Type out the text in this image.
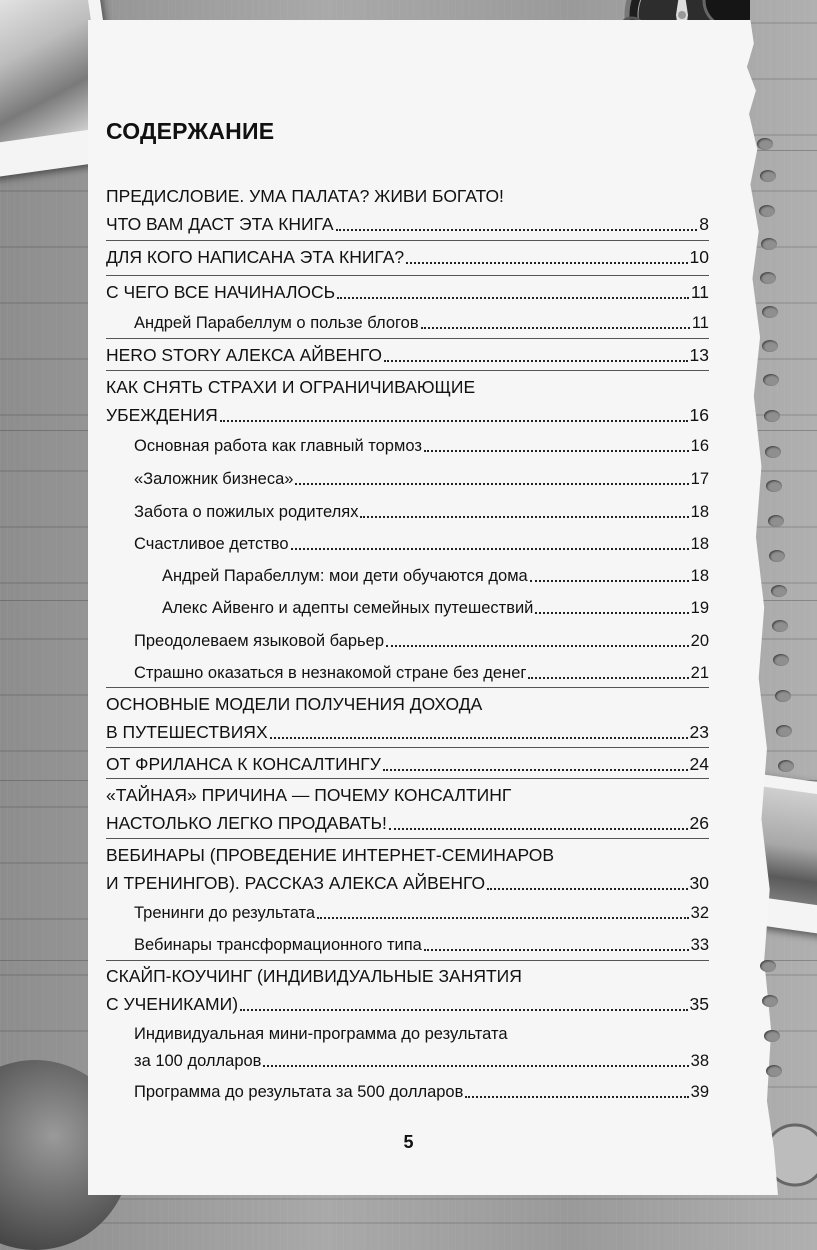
СОДЕРЖАНИЕ
ПРЕДИСЛОВИЕ. УМА ПАЛАТА? ЖИВИ БОГАТО!
ЧТО ВАМ ДАСТ ЭТА КНИГА	8
ДЛЯ КОГО НАПИСАНА ЭТА КНИГА?	10
С ЧЕГО ВСЕ НАЧИНАЛОСЬ	11
Андрей Парабеллум о пользе блогов	11
HERO STORY АЛЕКСА АЙВЕНГО	13
КАК СНЯТЬ СТРАХИ И ОГРАНИЧИВАЮЩИЕ
УБЕЖДЕНИЯ	16
Основная работа как главный тормоз	16
«Заложник бизнеса»	17
Забота о пожилых родителях	18
Счастливое детство	18
Андрей Парабеллум: мои дети обучаются дома	18
Алекс Айвенго и адепты семейных путешествий	19
Преодолеваем языковой барьер	20
Страшно оказаться в незнакомой стране без денег	21
ОСНОВНЫЕ МОДЕЛИ ПОЛУЧЕНИЯ ДОХОДА
В ПУТЕШЕСТВИЯХ	23
ОТ ФРИЛАНСА К КОНСАЛТИНГУ	24
«ТАЙНАЯ» ПРИЧИНА — ПОЧЕМУ КОНСАЛТИНГ
НАСТОЛЬКО ЛЕГКО ПРОДАВАТЬ!	26
ВЕБИНАРЫ (ПРОВЕДЕНИЕ ИНТЕРНЕТ-СЕМИНАРОВ
И ТРЕНИНГОВ). РАССКАЗ АЛЕКСА АЙВЕНГО	30
Тренинги до результата	32
Вебинары трансформационного типа	33
СКАЙП-КОУЧИНГ (ИНДИВИДУАЛЬНЫЕ ЗАНЯТИЯ
С УЧЕНИКАМИ)	35
Индивидуальная мини-программа до результата
за 100 долларов	38
Программа до результата за 500 долларов	39
5
